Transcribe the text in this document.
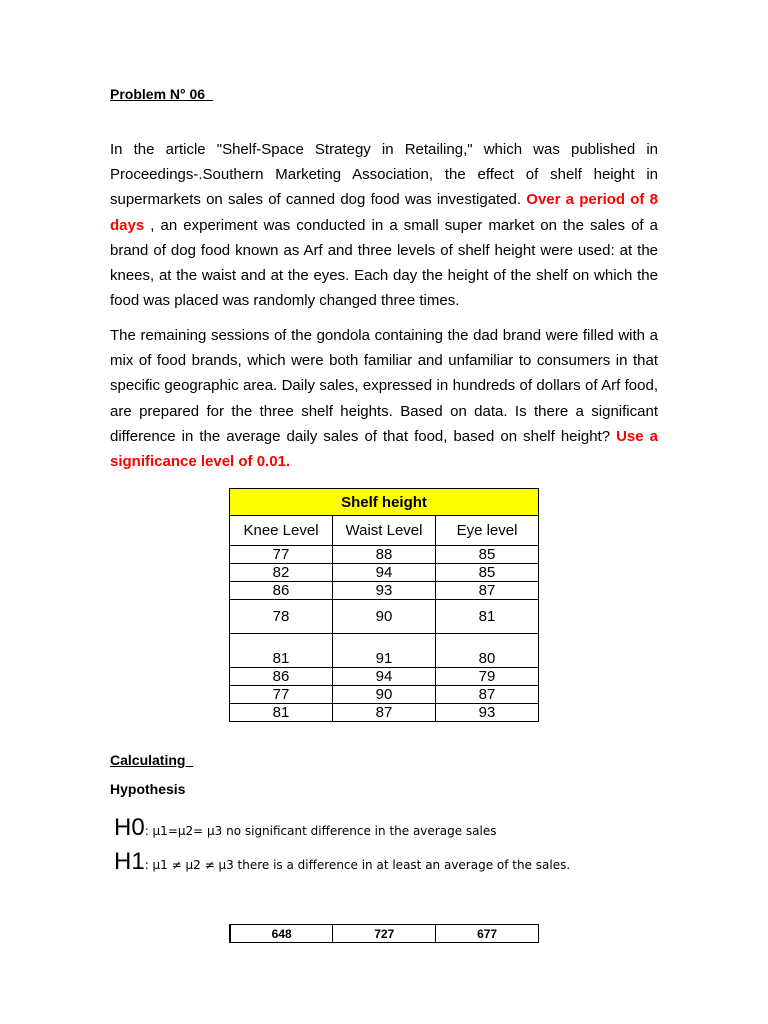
Problem N° 06
In the article "Shelf-Space Strategy in Retailing," which was published in Proceedings-.Southern Marketing Association, the effect of shelf height in supermarkets on sales of canned dog food was investigated. Over a period of 8 days , an experiment was conducted in a small super market on the sales of a brand of dog food known as Arf and three levels of shelf height were used: at the knees, at the waist and at the eyes. Each day the height of the shelf on which the food was placed was randomly changed three times.
The remaining sessions of the gondola containing the dad brand were filled with a mix of food brands, which were both familiar and unfamiliar to consumers in that specific geographic area. Daily sales, expressed in hundreds of dollars of Arf food, are prepared for the three shelf heights. Based on data. Is there a significant difference in the average daily sales of that food, based on shelf height? Use a significance level of 0.01.
Shelf height		
Knee Level	Waist Level	Eye level
77	88	85
82	94	85
86	93	87
78	90	81
81	91	80
86	94	79
77	90	87
81	87	93
Calculating
Hypothesis
H0: μ1=μ2= μ3 no significant difference in the average sales
H1: μ1 ≠ μ2 ≠ μ3 there is a difference in at least an average of the sales.
648	727	677
